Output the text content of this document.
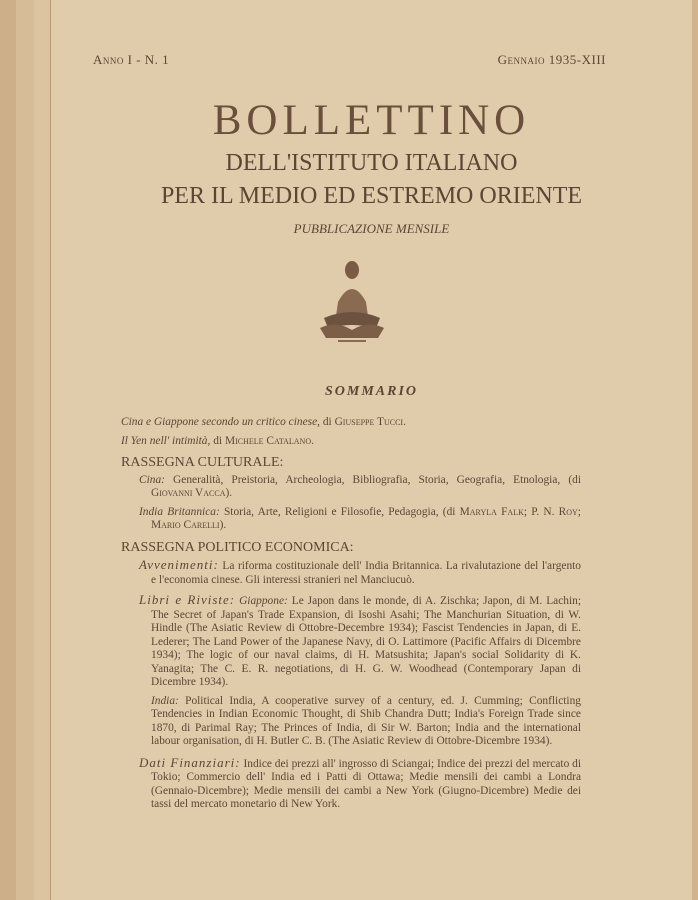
Anno I - N. 1	Gennaio 1935-XIII
BOLLETTINO
DELL'ISTITUTO ITALIANO
PER IL MEDIO ED ESTREMO ORIENTE
PUBBLICAZIONE MENSILE
SOMMARIO

Cina e Giappone secondo un critico cinese, di Giuseppe Tucci.

Il Yen nell' intimità, di Michele Catalano.

RASSEGNA CULTURALE:

Cina: Generalità, Preistoria, Archeologia, Bibliografia, Storia, Geografia, Etnologia, (di Giovanni Vacca).

India Britannica: Storia, Arte, Religioni e Filosofie, Pedagogia, (di Maryla Falk; P. N. Roy; Mario Carelli).

RASSEGNA POLITICO ECONOMICA:

Avvenimenti: La riforma costituzionale dell' India Britannica. La rivalutazione del l'argento e l'economia cinese. Gli interessi stranieri nel Manciucuò.

Libri e Riviste: Giappone: Le Japon dans le monde, di A. Zischka; Japon, di M. Lachin; The Secret of Japan's Trade Expansion, di Isoshi Asahi; The Manchurian Situation, di W. Hindle (The Asiatic Review di Ottobre-Decembre 1934); Fascist Tendencies in Japan, di E. Lederer; The Land Power of the Japanese Navy, di O. Lattimore (Pacific Affairs di Dicembre 1934); The logic of our naval claims, di H. Matsushita; Japan's social Solidarity di K. Yanagita; The C. E. R. negotiations, di H. G. W. Woodhead (Contemporary Japan di Dicembre 1934).

India: Political India, A cooperative survey of a century, ed. J. Cumming; Conflicting Tendencies in Indian Economic Thought, di Shib Chandra Dutt; India's Foreign Trade since 1870, di Parimal Ray; The Princes of India, di Sir W. Barton; India and the international labour organisation, di H. Butler C. B. (The Asiatic Review di Ottobre-Dicembre 1934).

Dati Finanziari: Indice dei prezzi all' ingrosso di Sciangai; Indice dei prezzi del mercato di Tokio; Commercio dell' India ed i Patti di Ottawa; Medie mensili dei cambi a Londra (Gennaio-Dicembre); Medie mensili dei cambi a New York (Giugno-Dicembre) Medie dei tassi del mercato monetario di New York.
